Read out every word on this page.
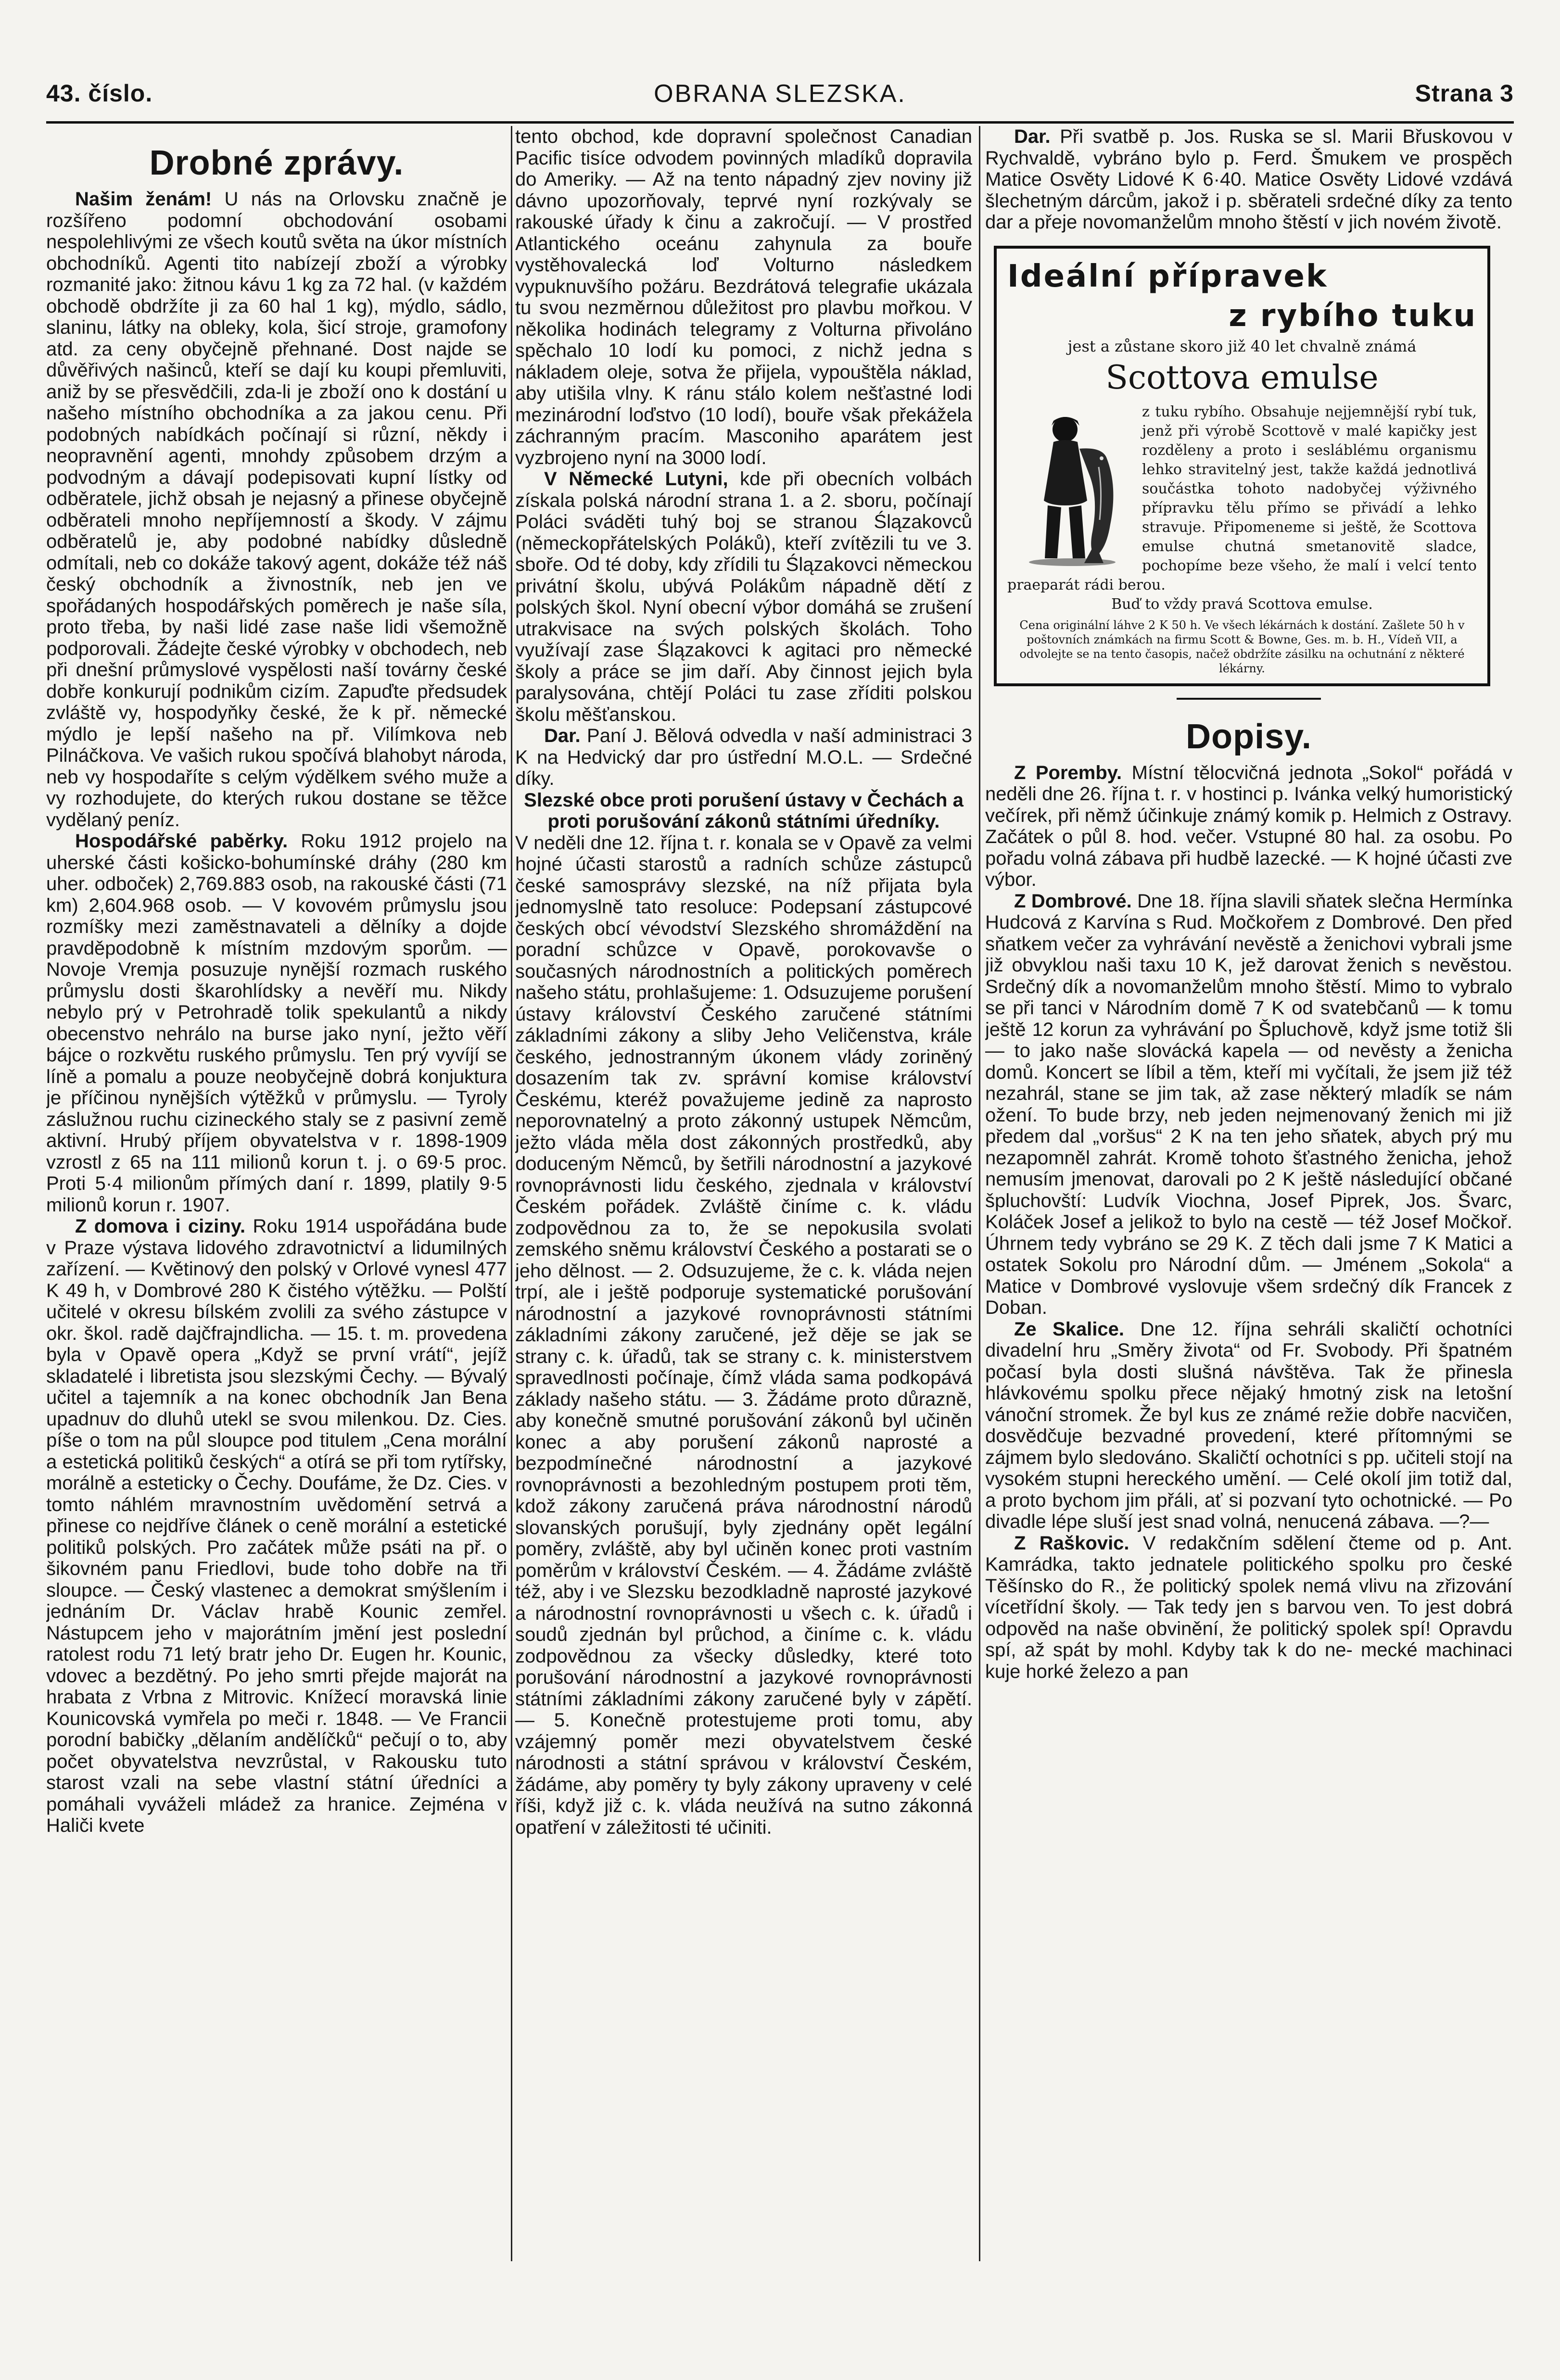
43. číslo.	OBRANA SLEZSKA.	Strana 3
Drobné zprávy.

Našim ženám! U nás na Orlovsku značně je rozšířeno podomní obchodování osobami nespolehlivými ze všech koutů světa na úkor místních obchodníků. Agenti tito nabízejí zboží a výrobky rozmanité jako: žitnou kávu 1 kg za 72 hal. (v každém obchodě obdržíte ji za 60 hal 1 kg), mýdlo, sádlo, slaninu, látky na obleky, kola, šicí stroje, gramofony atd. za ceny obyčejně přehnané. Dost najde se důvěřivých našinců, kteří se dají ku koupi přemluviti, aniž by se přesvědčili, zda-li je zboží ono k dostání u našeho místního obchodníka a za jakou cenu. Při podobných nabídkách počínají si různí, někdy i neopravnění agenti, mnohdy způsobem drzým a podvodným a dávají podepisovati kupní lístky od odběratele, jichž obsah je nejasný a přinese obyčejně odběrateli mnoho nepříjemností a škody. V zájmu odběratelů je, aby podobné nabídky důsledně odmítali, neb co dokáže takový agent, dokáže též náš český obchodník a živnostník, neb jen ve spořádaných hospodářských poměrech je naše síla, proto třeba, by naši lidé zase naše lidi všemožně podporovali. Žádejte české výrobky v obchodech, neb při dnešní průmyslové vyspělosti naší továrny české dobře konkurují podnikům cizím. Zapuďte předsudek zvláště vy, hospodyňky české, že k př. německé mýdlo je lepší našeho na př. Vilímkova neb Pilnáčkova. Ve vašich rukou spočívá blahobyt národa, neb vy hospodaříte s celým výdělkem svého muže a vy rozhodujete, do kterých rukou dostane se těžce vydělaný peníz.

Hospodářské paběrky. Roku 1912 projelo na uherské části košicko-bohumínské dráhy (280 km uher. odboček) 2,769.883 osob, na rakouské části (71 km) 2,604.968 osob. — V kovovém průmyslu jsou rozmíšky mezi zaměstnavateli a dělníky a dojde pravděpodobně k místním mzdovým sporům. — Novoje Vremja posuzuje nynější rozmach ruského průmyslu dosti škarohlídsky a nevěří mu. Nikdy nebylo prý v Petrohradě tolik spekulantů a nikdy obecenstvo nehrálo na burse jako nyní, ježto věří bájce o rozkvětu ruského průmyslu. Ten prý vyvíjí se líně a pomalu a pouze neobyčejně dobrá konjuktura je příčinou nynějších výtěžků v průmyslu. — Tyroly záslužnou ruchu cizineckého staly se z pasivní země aktivní. Hrubý příjem obyvatelstva v r. 1898-1909 vzrostl z 65 na 111 milionů korun t. j. o 69·5 proc. Proti 5·4 milionům přímých daní r. 1899, platily 9·5 milionů korun r. 1907.

Z domova i ciziny. Roku 1914 uspořádána bude v Praze výstava lidového zdravotnictví a lidumilných zařízení. — Květinový den polský v Orlové vynesl 477 K 49 h, v Dombrové 280 K čistého výtěžku. — Polští učitelé v okresu bílském zvolili za svého zástupce v okr. škol. radě dajčfrajndlicha. — 15. t. m. provedena byla v Opavě opera „Když se první vrátí“, jejíž skladatelé i libretista jsou slezskými Čechy. — Bývalý učitel a tajemník a na konec obchodník Jan Bena upadnuv do dluhů utekl se svou milenkou. Dz. Cies. píše o tom na půl sloupce pod titulem „Cena morální a estetická politiků českých“ a otírá se při tom rytířsky, morálně a esteticky o Čechy. Doufáme, že Dz. Cies. v tomto náhlém mravnostním uvědomění setrvá a přinese co nejdříve článek o ceně morální a estetické politiků polských. Pro začátek může psáti na př. o šikovném panu Friedlovi, bude toho dobře na tři sloupce. — Český vlastenec a demokrat smýšlením i jednáním Dr. Václav hrabě Kounic zemřel. Nástupcem jeho v majorátním jmění jest poslední ratolest rodu 71 letý bratr jeho Dr. Eugen hr. Kounic, vdovec a bezdětný. Po jeho smrti přejde majorát na hrabata z Vrbna z Mitrovic. Knížecí moravská linie Kounicovská vymřela po meči r. 1848. — Ve Francii porodní babičky „dělaním andělíčků“ pečují o to, aby počet obyvatelstva nevzrůstal, v Rakousku tuto starost vzali na sebe vlastní státní úředníci a pomáhali vyváželi mládež za hranice. Zejména v Haliči kvete

tento obchod, kde dopravní společnost Canadian Pacific tisíce odvodem povinných mladíků dopravila do Ameriky. — Až na tento nápadný zjev noviny již dávno upozorňovaly, teprvé nyní rozkývaly se rakouské úřady k činu a zakročují. — V prostřed Atlantického oceánu zahynula za bouře vystěhovalecká loď Volturno následkem vypuknuvšího požáru. Bezdrátová telegrafie ukázala tu svou nezměrnou důležitost pro plavbu mořkou. V několika hodinách telegramy z Volturna přivoláno spěchalo 10 lodí ku pomoci, z nichž jedna s nákladem oleje, sotva že přijela, vypouštěla náklad, aby utišila vlny. K ránu stálo kolem nešťastné lodi mezinárodní loďstvo (10 lodí), bouře však překážela záchranným pracím. Masconiho aparátem jest vyzbrojeno nyní na 3000 lodí.

V Německé Lutyni, kde při obecních volbách získala polská národní strana 1. a 2. sboru, počínají Poláci sváděti tuhý boj se stranou Ślązakovců (německopřátelských Poláků), kteří zvítězili tu ve 3. sboře. Od té doby, kdy zřídili tu Ślązakovci německou privátní školu, ubývá Polákům nápadně dětí z polských škol. Nyní obecní výbor domáhá se zrušení utrakvisace na svých polských školách. Toho využívají zase Ślązakovci k agitaci pro německé školy a práce se jim daří. Aby činnost jejich byla paralysována, chtějí Poláci tu zase zříditi polskou školu měšťanskou.

Dar. Paní J. Bělová odvedla v naší administraci 3 K na Hedvický dar pro ústřední M.O.L. — Srdečné díky.

Slezské obce proti porušení ústavy v Čechách a proti porušování zákonů státními úředníky.

V neděli dne 12. října t. r. konala se v Opavě za velmi hojné účasti starostů a radních schůze zástupců české samosprávy slezské, na níž přijata byla jednomyslně tato resoluce: Podepsaní zástupcové českých obcí vévodství Slezského shromáždění na poradní schůzce v Opavě, porokovavše o současných národnostních a politických poměrech našeho státu, prohlašujeme: 1. Odsuzujeme porušení ústavy království Českého zaručené státními základními zákony a sliby Jeho Veličenstva, krále českého, jednostranným úkonem vlády zoriněný dosazením tak zv. správní komise království Českému, kteréž považujeme jedině za naprosto neporovnatelný a proto zákonný ustupek Němcům, ježto vláda měla dost zákonných prostředků, aby doduceným Němců, by šetřili národnostní a jazykové rovnoprávnosti lidu českého, zjednala v království Českém pořádek. Zvláště činíme c. k. vládu zodpovědnou za to, že se nepokusila svolati zemského sněmu království Českého a postarati se o jeho dělnost. — 2. Odsuzujeme, že c. k. vláda nejen trpí, ale i ještě podporuje systematické porušování národnostní a jazykové rovnoprávnosti státními základními zákony zaručené, jež děje se jak se strany c. k. úřadů, tak se strany c. k. ministerstvem spravedlnosti počínaje, čímž vláda sama podkopává základy našeho státu. — 3. Žádáme proto důrazně, aby konečně smutné porušování zákonů byl učiněn konec a aby porušení zákonů naprosté a bezpodmínečné národnostní a jazykové rovnoprávnosti a bezohledným postupem proti těm, kdož zákony zaručená práva národnostní národů slovanských porušují, byly zjednány opět legální poměry, zvláště, aby byl učiněn konec proti vastním poměrům v království Českém. — 4. Žádáme zvláště též, aby i ve Slezsku bezodkladně naprosté jazykové a národnostní rovnoprávnosti u všech c. k. úřadů i soudů zjednán byl průchod, a činíme c. k. vládu zodpovědnou za všecky důsledky, které toto porušování národnostní a jazykové rovnoprávnosti státními základními zákony zaručené byly v zápětí. — 5. Konečně protestujeme proti tomu, aby vzájemný poměr mezi obyvatelstvem české národnosti a státní správou v království Českém, žádáme, aby poměry ty byly zákony upraveny v celé říši, když již c. k. vláda neužívá na sutno zákonná opatření v záležitosti té učiniti.

Dar. Při svatbě p. Jos. Ruska se sl. Marii Břuskovou v Rychvaldě, vybráno bylo p. Ferd. Šmukem ve prospěch Matice Osvěty Lidové K 6·40. Matice Osvěty Lidové vzdává šlechetným dárcům, jakož i p. sběrateli srdečné díky za tento dar a přeje novomanželům mnoho štěstí v jich novém životě.

Ideální přípravek
z rybího tuku
jest a zůstane skoro již 40 let chvalně známá
Scottova emulse
z tuku rybího. Obsahuje nejjemnější rybí tuk, jenž při výrobě Scottově v malé kapičky jest rozděleny a proto i sesláblému organismu lehko stravitelný jest, takže každá jednotlivá součástka tohoto nadobyčej výživného přípravku tělu přímo se přivádí a lehko stravuje. Připomeneme si ještě, že Scottova emulse chutná smetanovitě sladce, pochopíme beze všeho, že malí i velcí tento praeparát rádi berou.
Buď to vždy pravá Scottova emulse.
Cena originální láhve 2 K 50 h. Ve všech lékárnách k dostání. Zašlete 50 h v poštovních známkách na firmu Scott & Bowne, Ges. m. b. H., Vídeň VII, a odvolejte se na tento časopis, načež obdržíte zásilku na ochutnání z některé lékárny.
Dopisy.

Z Poremby. Místní tělocvičná jednota „Sokol“ pořádá v neděli dne 26. října t. r. v hostinci p. Ivánka velký humoristický večírek, při němž účinkuje známý komik p. Helmich z Ostravy. Začátek o půl 8. hod. večer. Vstupné 80 hal. za osobu. Po pořadu volná zábava při hudbě lazecké. — K hojné účasti zve výbor.

Z Dombrové. Dne 18. října slavili sňatek slečna Hermínka Hudcová z Karvína s Rud. Močkořem z Dombrové. Den před sňatkem večer za vyhrávání nevěstě a ženichovi vybrali jsme již obvyklou naši taxu 10 K, jež darovat ženich s nevěstou. Srdečný dík a novomanželům mnoho štěstí. Mimo to vybralo se při tanci v Národním domě 7 K od svatebčanů — k tomu ještě 12 korun za vyhrávání po Špluchově, když jsme totiž šli — to jako naše slovácká kapela — od nevěsty a ženicha domů. Koncert se líbil a těm, kteří mi vyčítali, že jsem již též nezahrál, stane se jim tak, až zase některý mladík se nám ožení. To bude brzy, neb jeden nejmenovaný ženich mi již předem dal „voršus“ 2 K na ten jeho sňatek, abych prý mu nezapomněl zahrát. Kromě tohoto šťastného ženicha, jehož nemusím jmenovat, darovali po 2 K ještě následující občané špluchovští: Ludvík Viochna, Josef Piprek, Jos. Švarc, Koláček Josef a jelikož to bylo na cestě — též Josef Močkoř. Úhrnem tedy vybráno se 29 K. Z těch dali jsme 7 K Matici a ostatek Sokolu pro Národní dům. — Jménem „Sokola“ a Matice v Dombrové vyslovuje všem srdečný dík Francek z Doban.

Ze Skalice. Dne 12. října sehráli skaličtí ochotníci divadelní hru „Směry života“ od Fr. Svobody. Při špatném počasí byla dosti slušná návštěva. Tak že přinesla hlávkovému spolku přece nějaký hmotný zisk na letošní vánoční stromek. Že byl kus ze známé režie dobře nacvičen, dosvědčuje bezvadné provedení, které přítomnými se zájmem bylo sledováno. Skaličtí ochotníci s pp. učiteli stojí na vysokém stupni hereckého umění. — Celé okolí jim totiž dal, a proto bychom jim přáli, ať si pozvaní tyto ochotnické. — Po divadle lépe sluší jest snad volná, nenucená zábava. —?—

Z Raškovic. V redakčním sdělení čteme od p. Ant. Kamrádka, takto jednatele politického spolku pro české Těšínsko do R., že politický spolek nemá vlivu na zřizování vícetřídní školy. — Tak tedy jen s barvou ven. To jest dobrá odpověd na naše obvinění, že politický spolek spí! Opravdu spí, až spát by mohl. Kdyby tak k do ne- mecké machinaci kuje horké železo a pan
